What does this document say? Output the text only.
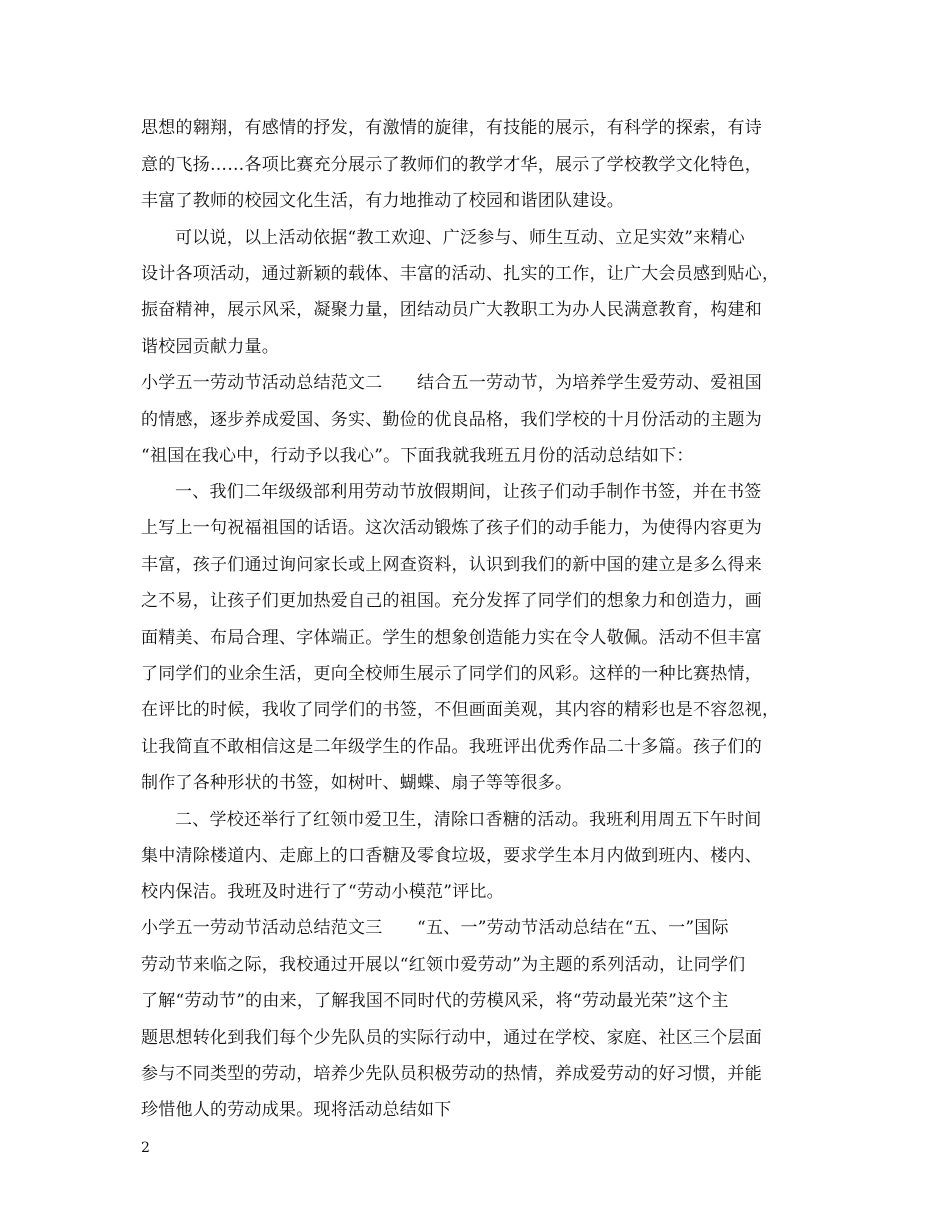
思想的翱翔，有感情的抒发，有激情的旋律，有技能的展示，有科学的探索，有诗
意的飞扬……各项比赛充分展示了教师们的教学才华，展示了学校教学文化特色，
丰富了教师的校园文化生活，有力地推动了校园和谐团队建设。
可以说，以上活动依据“教工欢迎、广泛参与、师生互动、立足实效”来精心
设计各项活动，通过新颖的载体、丰富的活动、扎实的工作，让广大会员感到贴心，
振奋精神，展示风采，凝聚力量，团结动员广大教职工为办人民满意教育，构建和
谐校园贡献力量。
小学五一劳动节活动总结范文二　　结合五一劳动节，为培养学生爱劳动、爱祖国
的情感，逐步养成爱国、务实、勤俭的优良品格，我们学校的十月份活动的主题为
“祖国在我心中，行动予以我心”。下面我就我班五月份的活动总结如下：
一、我们二年级级部利用劳动节放假期间，让孩子们动手制作书签，并在书签
上写上一句祝福祖国的话语。这次活动锻炼了孩子们的动手能力，为使得内容更为
丰富，孩子们通过询问家长或上网查资料，认识到我们的新中国的建立是多么得来
之不易，让孩子们更加热爱自己的祖国。充分发挥了同学们的想象力和创造力，画
面精美、布局合理、字体端正。学生的想象创造能力实在令人敬佩。活动不但丰富
了同学们的业余生活，更向全校师生展示了同学们的风彩。这样的一种比赛热情，
在评比的时候，我收了同学们的书签，不但画面美观，其内容的精彩也是不容忽视，
让我简直不敢相信这是二年级学生的作品。我班评出优秀作品二十多篇。孩子们的
制作了各种形状的书签，如树叶、蝴蝶、扇子等等很多。
二、学校还举行了红领巾爱卫生，清除口香糖的活动。我班利用周五下午时间
集中清除楼道内、走廊上的口香糖及零食垃圾，要求学生本月内做到班内、楼内、
校内保洁。我班及时进行了“劳动小模范”评比。
小学五一劳动节活动总结范文三　　“五、一”劳动节活动总结在“五、一”国际
劳动节来临之际，我校通过开展以“红领巾爱劳动”为主题的系列活动，让同学们
了解“劳动节”的由来，了解我国不同时代的劳模风采，将“劳动最光荣”这个主
题思想转化到我们每个少先队员的实际行动中，通过在学校、家庭、社区三个层面
参与不同类型的劳动，培养少先队员积极劳动的热情，养成爱劳动的好习惯，并能
珍惜他人的劳动成果。现将活动总结如下
2
